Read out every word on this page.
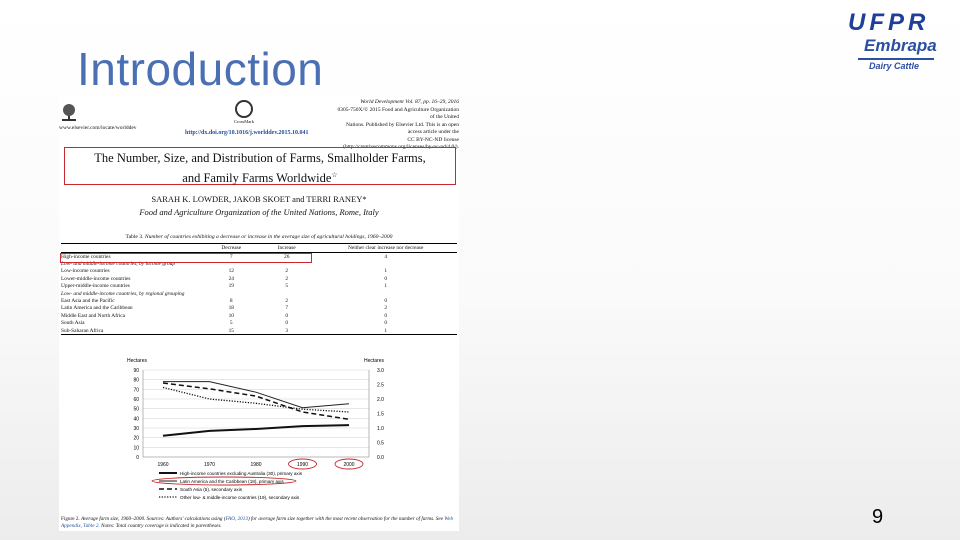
Introduction
UFPR
Embrapa
Dairy Cattle
www.elsevier.com/locate/worlddev
CrossMark
http://dx.doi.org/10.1016/j.worlddev.2015.10.041
World Development Vol. 87, pp. 16–29, 2016
0305-750X/© 2015 Food and Agriculture Organization of the United
Nations. Published by Elsevier Ltd. This is an open access article under the
CC BY-NC-ND license (http://creativecommons.org/licenses/by-nc-nd/4.0/).
The Number, Size, and Distribution of Farms, Smallholder Farms,
and Family Farms Worldwide☆
SARAH K. LOWDER, JAKOB SKOET and TERRI RANEY*
Food and Agriculture Organization of the United Nations, Rome, Italy
Table 3. Number of countries exhibiting a decrease or increase in the average size of agricultural holdings, 1960–2000
	Decrease	Increase	Neither clear increase nor decrease
High-income countries	7	26	4
Low- and middle-income countries, by income group			
Low-income countries	12	2	1
Lower-middle-income countries	24	2	0
Upper-middle-income countries	19	5	1
Low- and middle-income countries, by regional grouping			
East Asia and the Pacific	8	2	0
Latin America and the Caribbean	18	7	2
Middle East and North Africa	10	0	0
South Asia	5	0	0
Sub-Saharan Africa	15	3	1
0
10
20
30
40
50
60
70
80
90
0.0
0.5
1.0
1.5
2.0
2.5
3.0
Hectares	Hectares
1960	1970	1980	1990	2000
High-income countries excluding Australia (30), primary axis
Latin America and the Caribbean (18), primary axis
South Asia (5), secondary axis
Other low- & middle-income countries (19), secondary axis
Figure 2. Average farm size, 1960–2000. Sources: Authors' calculations using (FAO, 2013) for average farm size together with the most recent observation for the number of farms. See Web Appendix, Table 2. Notes: Total country coverage is indicated in parentheses.	9
